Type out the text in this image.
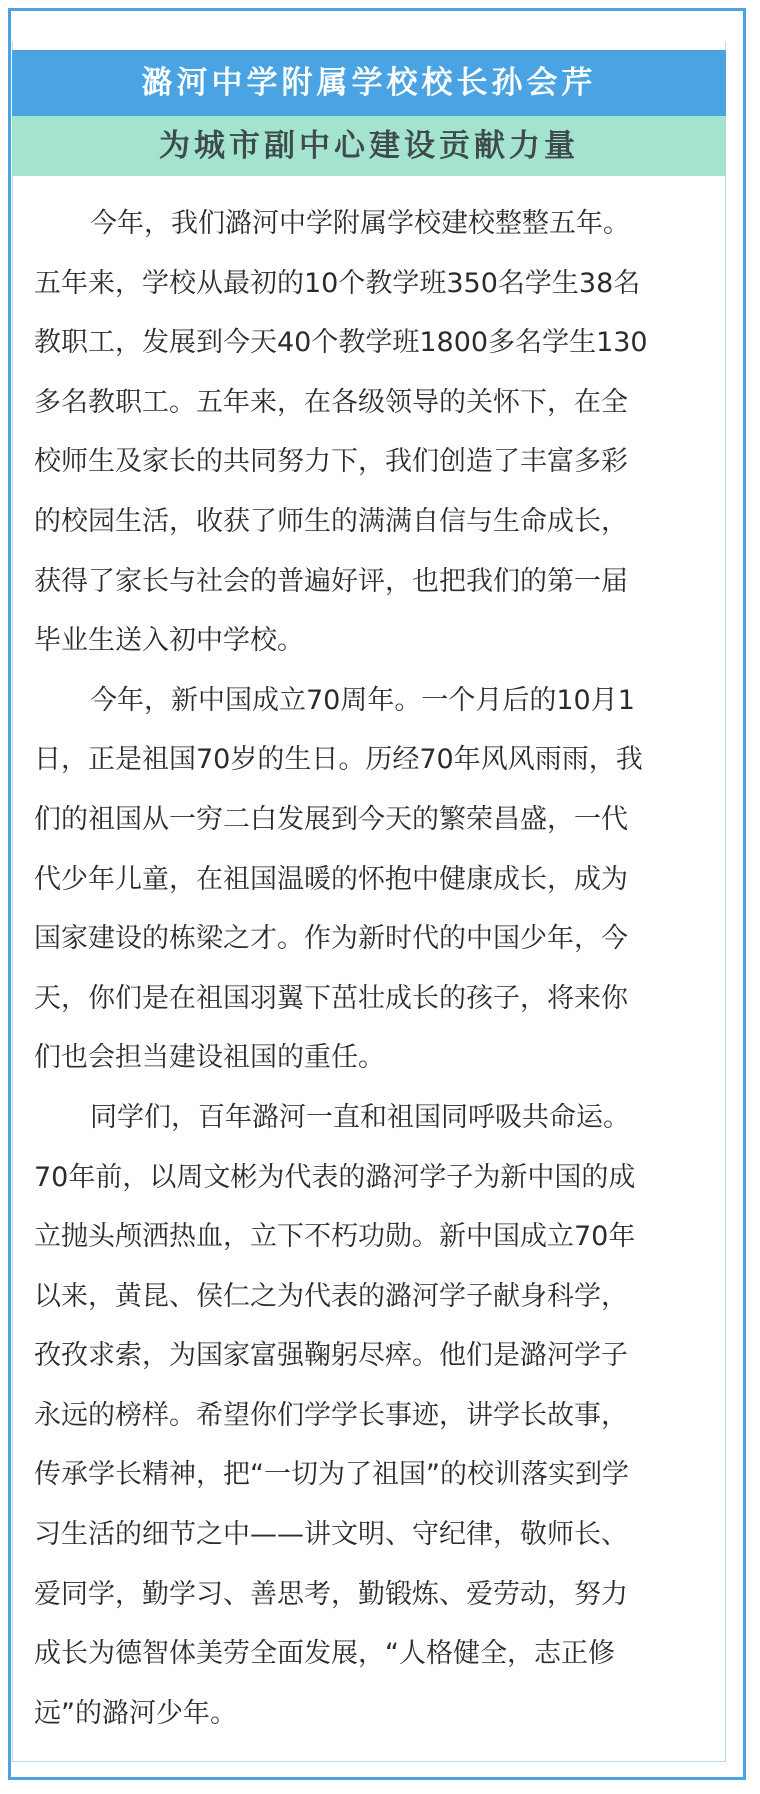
潞河中学附属学校校长孙会芹
为城市副中心建设贡献力量
今年，我们潞河中学附属学校建校整整五年。
五年来，学校从最初的10个教学班350名学生38名
教职工，发展到今天40个教学班1800多名学生130
多名教职工。五年来，在各级领导的关怀下，在全
校师生及家长的共同努力下，我们创造了丰富多彩
的校园生活，收获了师生的满满自信与生命成长，
获得了家长与社会的普遍好评，也把我们的第一届
毕业生送入初中学校。
今年，新中国成立70周年。一个月后的10月1
日，正是祖国70岁的生日。历经70年风风雨雨，我
们的祖国从一穷二白发展到今天的繁荣昌盛，一代
代少年儿童，在祖国温暖的怀抱中健康成长，成为
国家建设的栋梁之才。作为新时代的中国少年，今
天，你们是在祖国羽翼下茁壮成长的孩子，将来你
们也会担当建设祖国的重任。
同学们，百年潞河一直和祖国同呼吸共命运。
70年前，以周文彬为代表的潞河学子为新中国的成
立抛头颅洒热血，立下不朽功勋。新中国成立70年
以来，黄昆、侯仁之为代表的潞河学子献身科学，
孜孜求索，为国家富强鞠躬尽瘁。他们是潞河学子
永远的榜样。希望你们学学长事迹，讲学长故事，
传承学长精神，把“一切为了祖国”的校训落实到学
习生活的细节之中——讲文明、守纪律，敬师长、
爱同学，勤学习、善思考，勤锻炼、爱劳动，努力
成长为德智体美劳全面发展，“人格健全，志正修
远”的潞河少年。
